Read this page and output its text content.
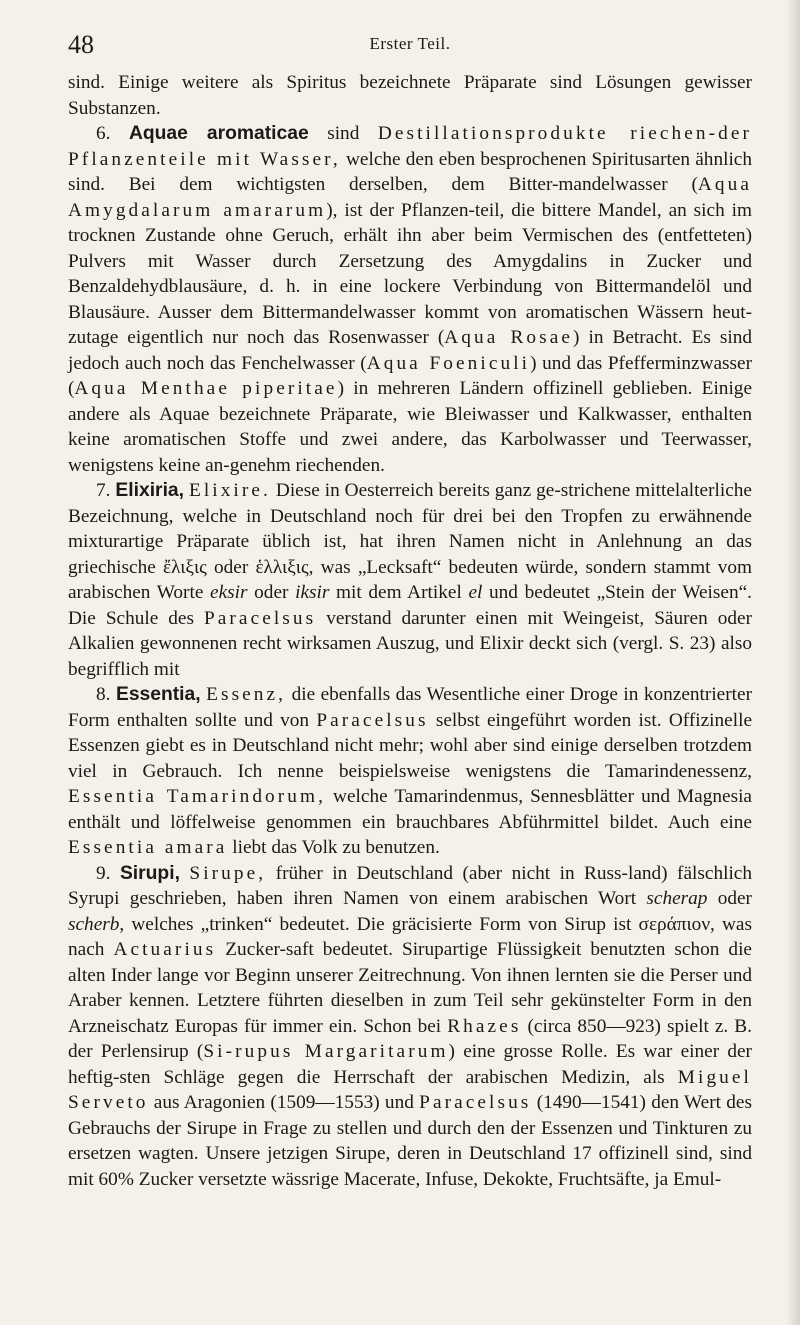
48	Erster Teil.

sind. Einige weitere als Spiritus bezeichnete Präparate sind Lösungen gewisser Substanzen.

6. Aquae aromaticae sind Destillationsprodukte riechen-der Pflanzenteile mit Wasser, welche den eben besprochenen Spiritusarten ähnlich sind. Bei dem wichtigsten derselben, dem Bitter-mandelwasser (Aqua Amygdalarum amararum), ist der Pflanzen-teil, die bittere Mandel, an sich im trocknen Zustande ohne Geruch, erhält ihn aber beim Vermischen des (entfetteten) Pulvers mit Wasser durch Zersetzung des Amygdalins in Zucker und Benzaldehydblausäure, d. h. in eine lockere Verbindung von Bittermandelöl und Blausäure. Ausser dem Bittermandelwasser kommt von aromatischen Wässern heut-zutage eigentlich nur noch das Rosenwasser (Aqua Rosae) in Betracht. Es sind jedoch auch noch das Fenchelwasser (Aqua Foeniculi) und das Pfefferminzwasser (Aqua Menthae piperitae) in mehreren Ländern offizinell geblieben. Einige andere als Aquae bezeichnete Präparate, wie Bleiwasser und Kalkwasser, enthalten keine aromatischen Stoffe und zwei andere, das Karbolwasser und Teerwasser, wenigstens keine an-genehm riechenden.

7. Elixiria, Elixire. Diese in Oesterreich bereits ganz ge-strichene mittelalterliche Bezeichnung, welche in Deutschland noch für drei bei den Tropfen zu erwähnende mixturartige Präparate üblich ist, hat ihren Namen nicht in Anlehnung an das griechische ἔλιξις oder ἑλλιξις, was „Lecksaft“ bedeuten würde, sondern stammt vom arabischen Worte eksir oder iksir mit dem Artikel el und bedeutet „Stein der Weisen“. Die Schule des Paracelsus verstand darunter einen mit Weingeist, Säuren oder Alkalien gewonnenen recht wirksamen Auszug, und Elixir deckt sich (vergl. S. 23) also begrifflich mit

8. Essentia, Essenz, die ebenfalls das Wesentliche einer Droge in konzentrierter Form enthalten sollte und von Paracelsus selbst eingeführt worden ist. Offizinelle Essenzen giebt es in Deutschland nicht mehr; wohl aber sind einige derselben trotzdem viel in Gebrauch. Ich nenne beispielsweise wenigstens die Tamarindenessenz, Essentia Tamarindorum, welche Tamarindenmus, Sennesblätter und Magnesia enthält und löffelweise genommen ein brauchbares Abführmittel bildet. Auch eine Essentia amara liebt das Volk zu benutzen.

9. Sirupi, Sirupe, früher in Deutschland (aber nicht in Russ-land) fälschlich Syrupi geschrieben, haben ihren Namen von einem arabischen Wort scherap oder scherb, welches „trinken“ bedeutet. Die gräcisierte Form von Sirup ist σεράπιον, was nach Actuarius Zucker-saft bedeutet. Sirupartige Flüssigkeit benutzten schon die alten Inder lange vor Beginn unserer Zeitrechnung. Von ihnen lernten sie die Perser und Araber kennen. Letztere führten dieselben in zum Teil sehr gekünstelter Form in den Arzneischatz Europas für immer ein. Schon bei Rhazes (circa 850—923) spielt z. B. der Perlensirup (Si-rupus Margaritarum) eine grosse Rolle. Es war einer der heftig-sten Schläge gegen die Herrschaft der arabischen Medizin, als Miguel Serveto aus Aragonien (1509—1553) und Paracelsus (1490—1541) den Wert des Gebrauchs der Sirupe in Frage zu stellen und durch den der Essenzen und Tinkturen zu ersetzen wagten. Unsere jetzigen Sirupe, deren in Deutschland 17 offizinell sind, sind mit 60% Zucker versetzte wässrige Macerate, Infuse, Dekokte, Fruchtsäfte, ja Emul-
